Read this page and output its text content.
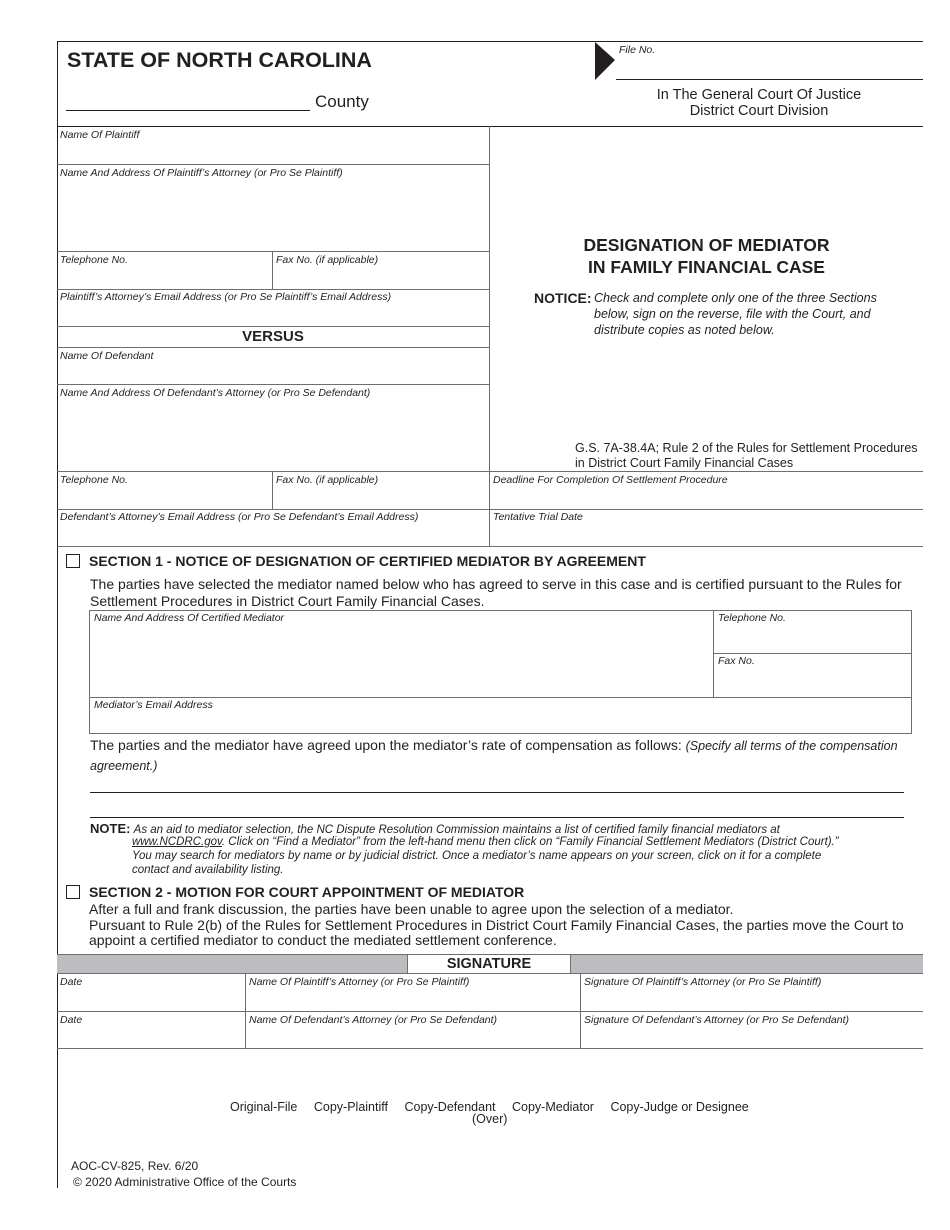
STATE OF NORTH CAROLINA
County
File No.
In The General Court Of Justice
District Court Division
Name Of Plaintiff
Name And Address Of Plaintiff’s Attorney (or Pro Se Plaintiff)
Telephone No.	Fax No. (if applicable)
Plaintiff’s Attorney’s Email Address (or Pro Se Plaintiff’s Email Address)
VERSUS
Name Of Defendant
Name And Address Of Defendant’s Attorney (or Pro Se Defendant)
Telephone No.	Fax No. (if applicable)
Defendant’s Attorney’s Email Address (or Pro Se Defendant’s Email Address)
DESIGNATION OF MEDIATOR
IN FAMILY FINANCIAL CASE
NOTICE: Check and complete only one of the three Sections
below, sign on the reverse, file with the Court, and
distribute copies as noted below.
G.S. 7A-38.4A; Rule 2 of the Rules for Settlement Procedures
in District Court Family Financial Cases
Deadline For Completion Of Settlement Procedure
Tentative Trial Date
SECTION 1 - NOTICE OF DESIGNATION OF CERTIFIED MEDIATOR BY AGREEMENT
The parties have selected the mediator named below who has agreed to serve in this case and is certified pursuant to the Rules for
Settlement Procedures in District Court Family Financial Cases.
Name And Address Of Certified Mediator	Telephone No.
Fax No.
Mediator’s Email Address
The parties and the mediator have agreed upon the mediator’s rate of compensation as follows: (Specify all terms of the compensation
agreement.)
NOTE: As an aid to mediator selection, the NC Dispute Resolution Commission maintains a list of certified family financial mediators at
www.NCDRC.gov. Click on “Find a Mediator” from the left-hand menu then click on “Family Financial Settlement Mediators (District Court).”
You may search for mediators by name or by judicial district. Once a mediator’s name appears on your screen, click on it for a complete
contact and availability listing.
SECTION 2 - MOTION FOR COURT APPOINTMENT OF MEDIATOR
After a full and frank discussion, the parties have been unable to agree upon the selection of a mediator.
Pursuant to Rule 2(b) of the Rules for Settlement Procedures in District Court Family Financial Cases, the parties move the Court to
appoint a certified mediator to conduct the mediated settlement conference.
SIGNATURE
Date	Name Of Plaintiff’s Attorney (or Pro Se Plaintiff)	Signature Of Plaintiff’s Attorney (or Pro Se Plaintiff)
Date	Name Of Defendant’s Attorney (or Pro Se Defendant)	Signature Of Defendant’s Attorney (or Pro Se Defendant)
Original-File Copy-Plaintiff Copy-Defendant Copy-Mediator Copy-Judge or Designee
(Over)
AOC-CV-825, Rev. 6/20
© 2020 Administrative Office of the Courts
